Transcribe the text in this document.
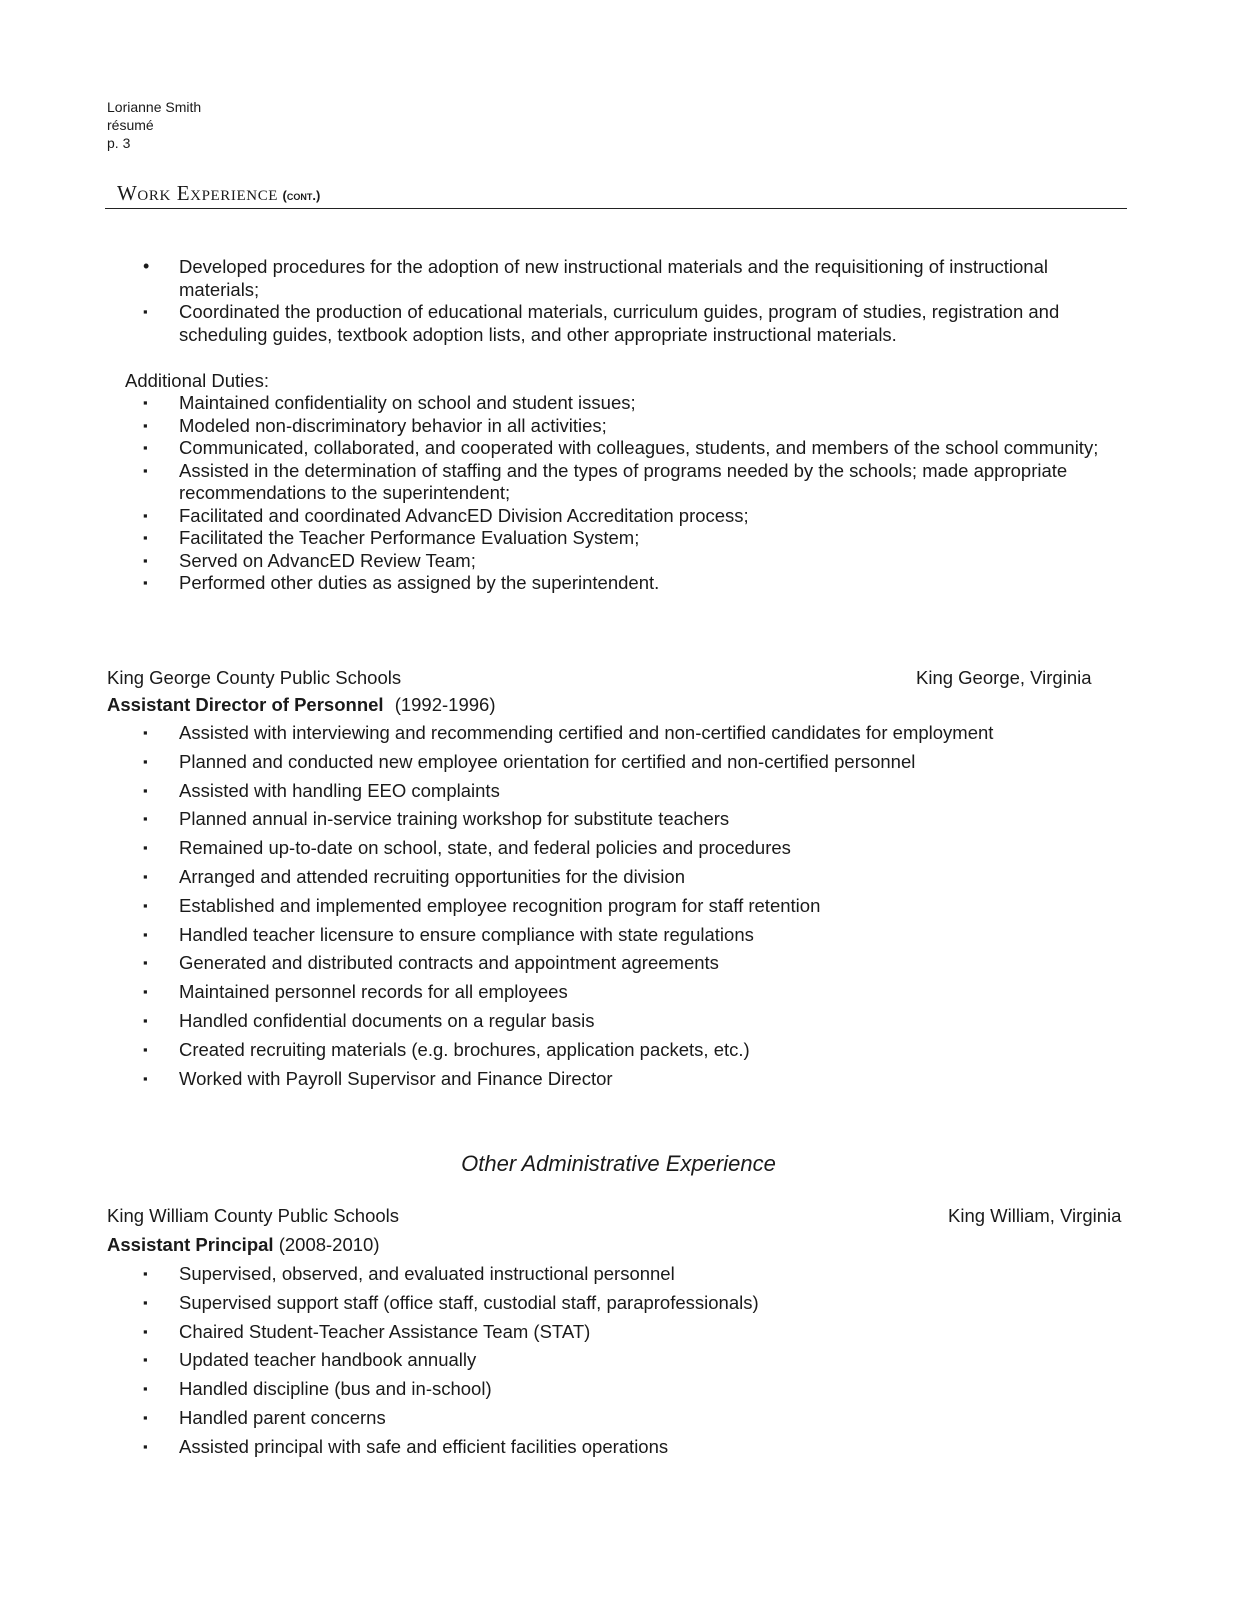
Lorianne Smith
résumé
p. 3
Work Experience (cont.)
• Developed procedures for the adoption of new instructional materials and the requisitioning of instructional materials;
▪ Coordinated the production of educational materials, curriculum guides, program of studies, registration and scheduling guides, textbook adoption lists, and other appropriate instructional materials.
Additional Duties:
▪ Maintained confidentiality on school and student issues;
▪ Modeled non-discriminatory behavior in all activities;
▪ Communicated, collaborated, and cooperated with colleagues, students, and members of the school community;
▪ Assisted in the determination of staffing and the types of programs needed by the schools; made appropriate recommendations to the superintendent;
▪ Facilitated and coordinated AdvancED Division Accreditation process;
▪ Facilitated the Teacher Performance Evaluation System;
▪ Served on AdvancED Review Team;
▪ Performed other duties as assigned by the superintendent.
King George County Public Schools	King George, Virginia
Assistant Director of Personnel (1992-1996)
▪ Assisted with interviewing and recommending certified and non-certified candidates for employment
▪ Planned and conducted new employee orientation for certified and non-certified personnel
▪ Assisted with handling EEO complaints
▪ Planned annual in-service training workshop for substitute teachers
▪ Remained up-to-date on school, state, and federal policies and procedures
▪ Arranged and attended recruiting opportunities for the division
▪ Established and implemented employee recognition program for staff retention
▪ Handled teacher licensure to ensure compliance with state regulations
▪ Generated and distributed contracts and appointment agreements
▪ Maintained personnel records for all employees
▪ Handled confidential documents on a regular basis
▪ Created recruiting materials (e.g. brochures, application packets, etc.)
▪ Worked with Payroll Supervisor and Finance Director
Other Administrative Experience
King William County Public Schools	King William, Virginia
Assistant Principal (2008-2010)
▪ Supervised, observed, and evaluated instructional personnel
▪ Supervised support staff (office staff, custodial staff, paraprofessionals)
▪ Chaired Student-Teacher Assistance Team (STAT)
▪ Updated teacher handbook annually
▪ Handled discipline (bus and in-school)
▪ Handled parent concerns
▪ Assisted principal with safe and efficient facilities operations
